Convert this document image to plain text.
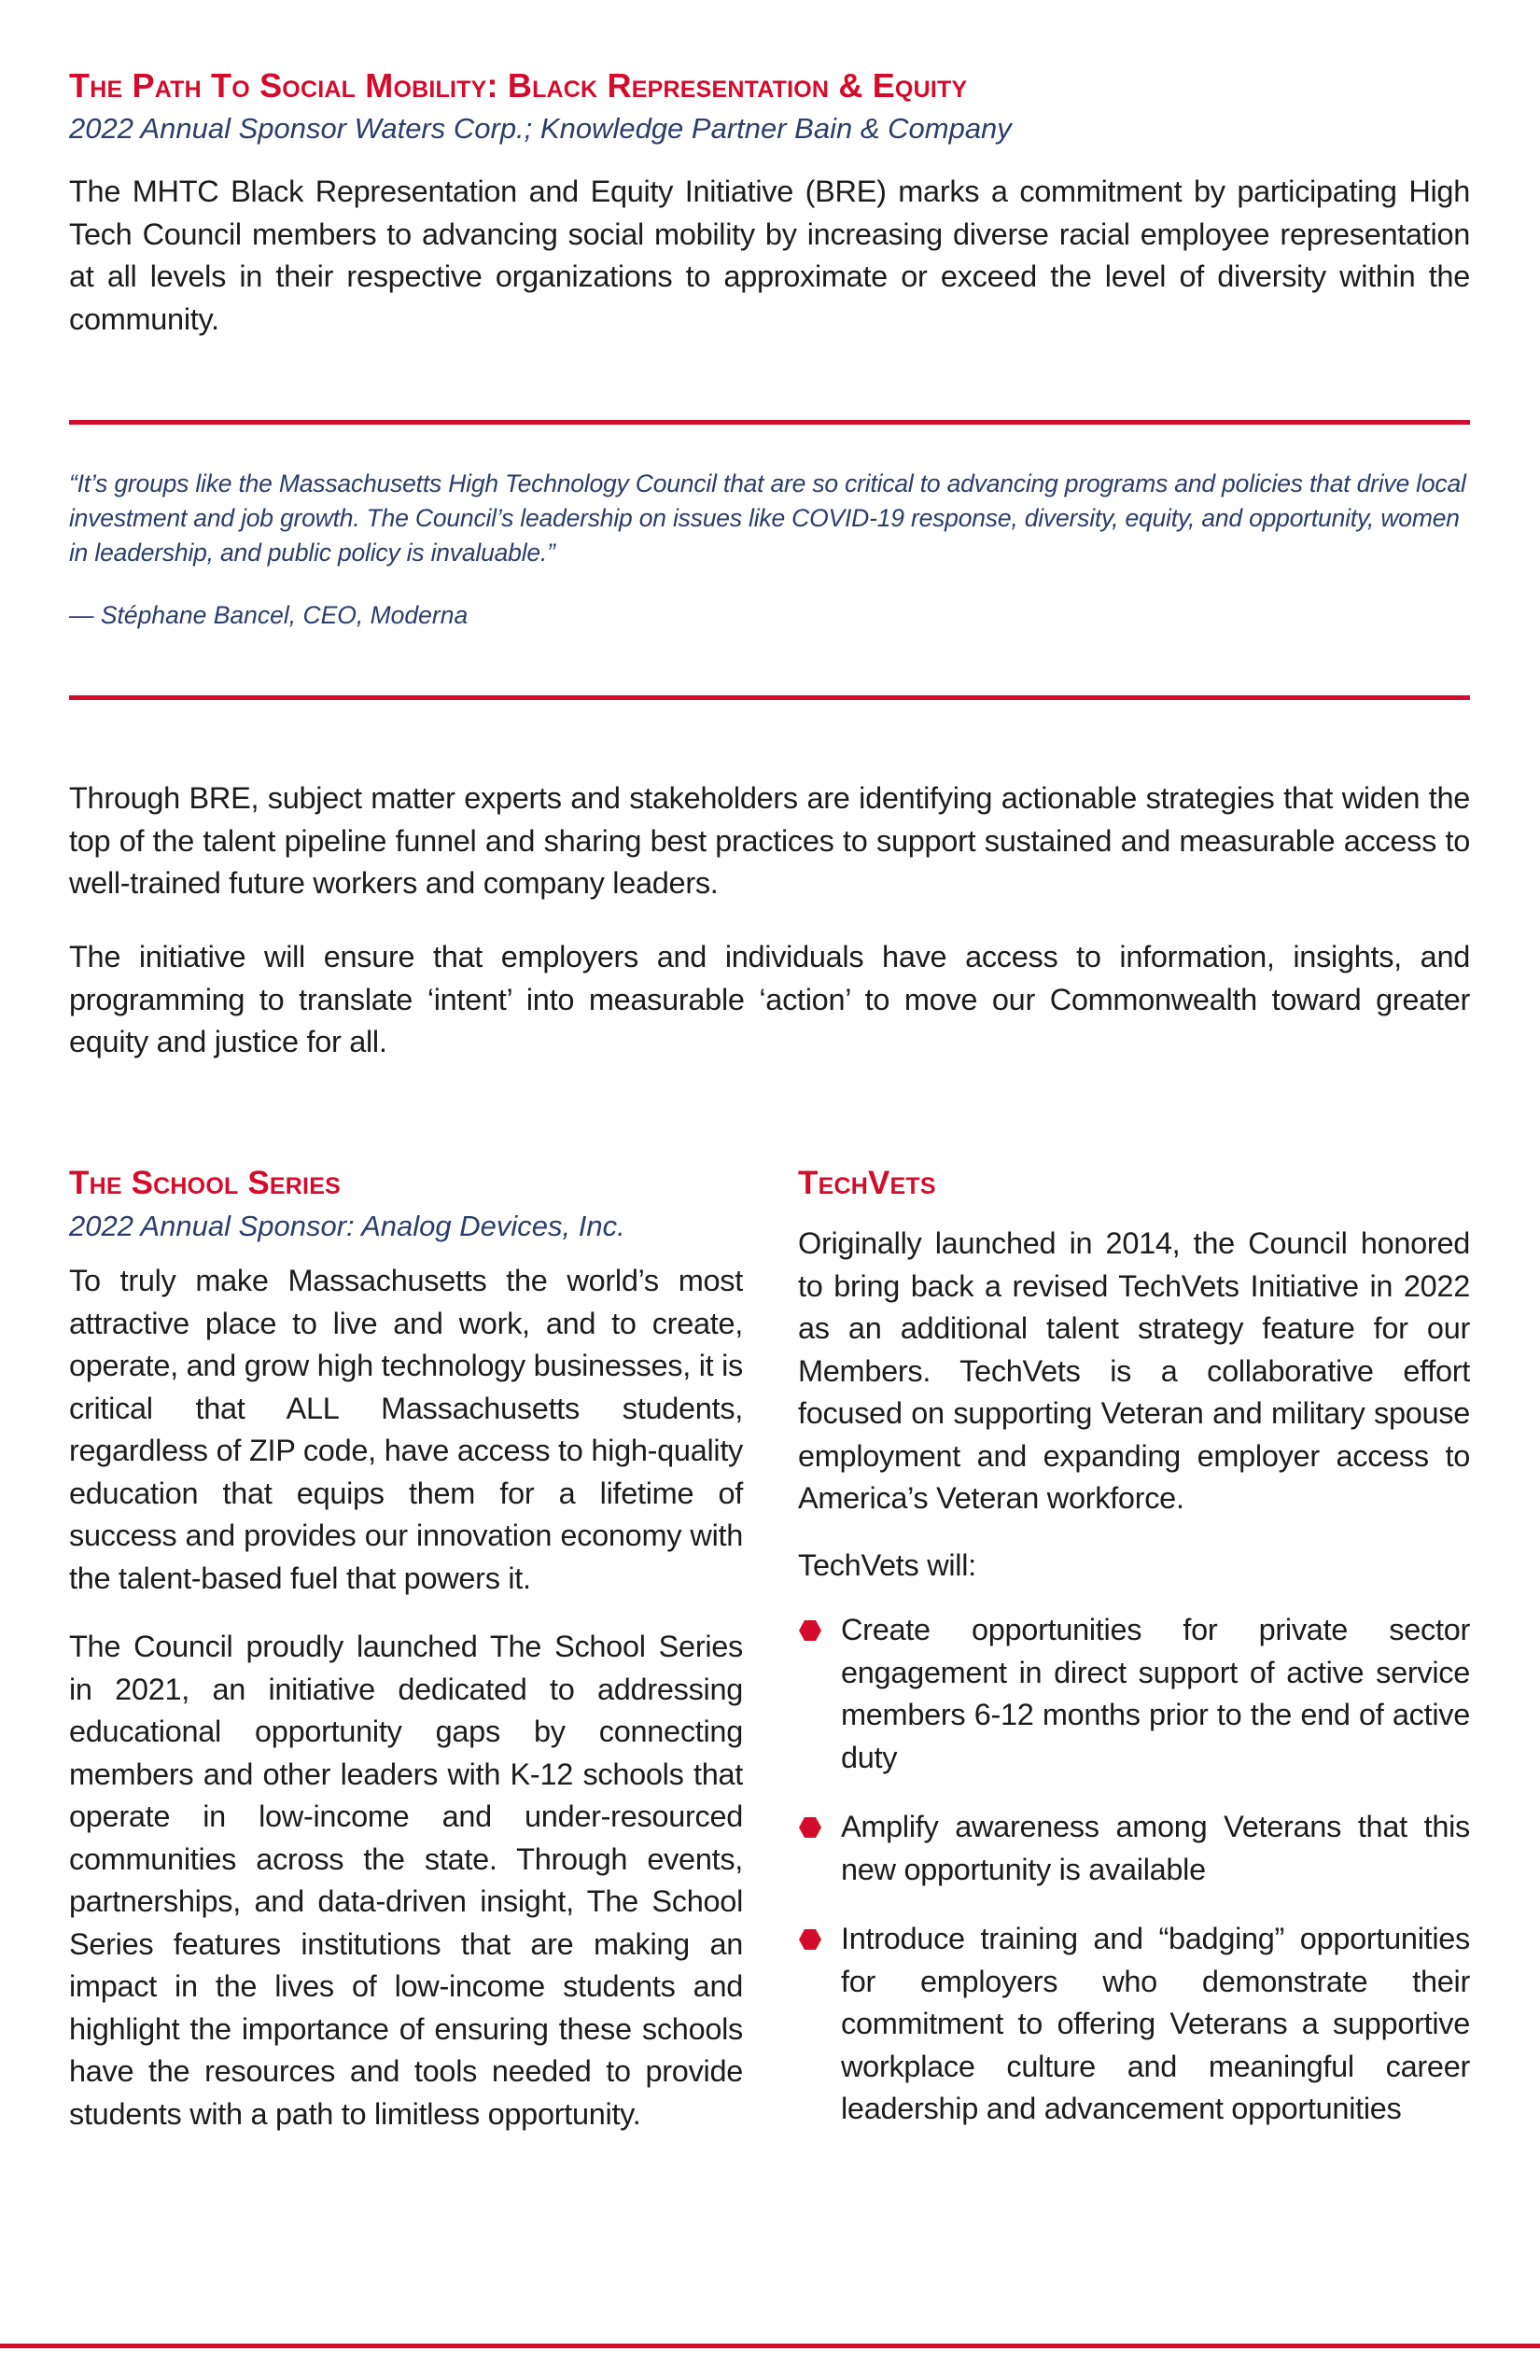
The Path To Social Mobility: Black Representation & Equity

2022 Annual Sponsor Waters Corp.; Knowledge Partner Bain & Company

The MHTC Black Representation and Equity Initiative (BRE) marks a commitment by participating High Tech Council members to advancing social mobility by increasing diverse racial employee representation at all levels in their respective organizations to approximate or exceed the level of diversity within the community.

“It’s groups like the Massachusetts High Technology Council that are so critical to advancing programs and policies that drive local investment and job growth. The Council’s leadership on issues like COVID-19 response, diversity, equity, and opportunity, women in leadership, and public policy is invaluable.”

— Stéphane Bancel, CEO, Moderna

Through BRE, subject matter experts and stakeholders are identifying actionable strategies that widen the top of the talent pipeline funnel and sharing best practices to support sustained and measurable access to well-trained future workers and company leaders.

The initiative will ensure that employers and individuals have access to information, insights, and programming to translate ‘intent’ into measurable ‘action’ to move our Commonwealth toward greater equity and justice for all.

The School Series

2022 Annual Sponsor: Analog Devices, Inc.

To truly make Massachusetts the world’s most attractive place to live and work, and to create, operate, and grow high technology businesses, it is critical that ALL Massachusetts students, regardless of ZIP code, have access to high-quality education that equips them for a lifetime of success and provides our innovation economy with the talent-based fuel that powers it.

The Council proudly launched The School Series in 2021, an initiative dedicated to addressing educational opportunity gaps by connecting members and other leaders with K-12 schools that operate in low-income and under-resourced communities across the state. Through events, partnerships, and data-driven insight, The School Series features institutions that are making an impact in the lives of low-income students and highlight the importance of ensuring these schools have the resources and tools needed to provide students with a path to limitless opportunity.

TechVets

Originally launched in 2014, the Council honored to bring back a revised TechVets Initiative in 2022 as an additional talent strategy feature for our Members. TechVets is a collaborative effort focused on supporting Veteran and military spouse employment and expanding employer access to America’s Veteran workforce.

TechVets will:

Create opportunities for private sector engagement in direct support of active service members 6-12 months prior to the end of active duty
Amplify awareness among Veterans that this new opportunity is available
Introduce training and “badging” opportunities for employers who demonstrate their commitment to offering Veterans a supportive workplace culture and meaningful career leadership and advancement opportunities
